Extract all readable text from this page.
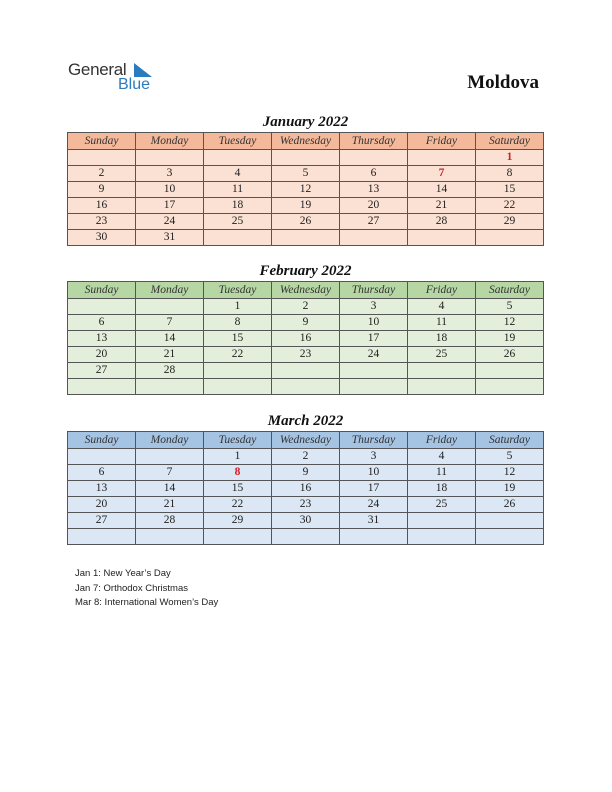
General
Blue	Moldova
January 2022
Sunday	Monday	Tuesday	Wednesday	Thursday	Friday	Saturday
						1
2	3	4	5	6	7	8
9	10	11	12	13	14	15
16	17	18	19	20	21	22
23	24	25	26	27	28	29
30	31					
February 2022
Sunday	Monday	Tuesday	Wednesday	Thursday	Friday	Saturday
		1	2	3	4	5
6	7	8	9	10	11	12
13	14	15	16	17	18	19
20	21	22	23	24	25	26
27	28					

March 2022
Sunday	Monday	Tuesday	Wednesday	Thursday	Friday	Saturday
		1	2	3	4	5
6	7	8	9	10	11	12
13	14	15	16	17	18	19
20	21	22	23	24	25	26
27	28	29	30	31		

Jan 1: New Year’s Day
Jan 7: Orthodox Christmas
Mar 8: International Women’s Day
